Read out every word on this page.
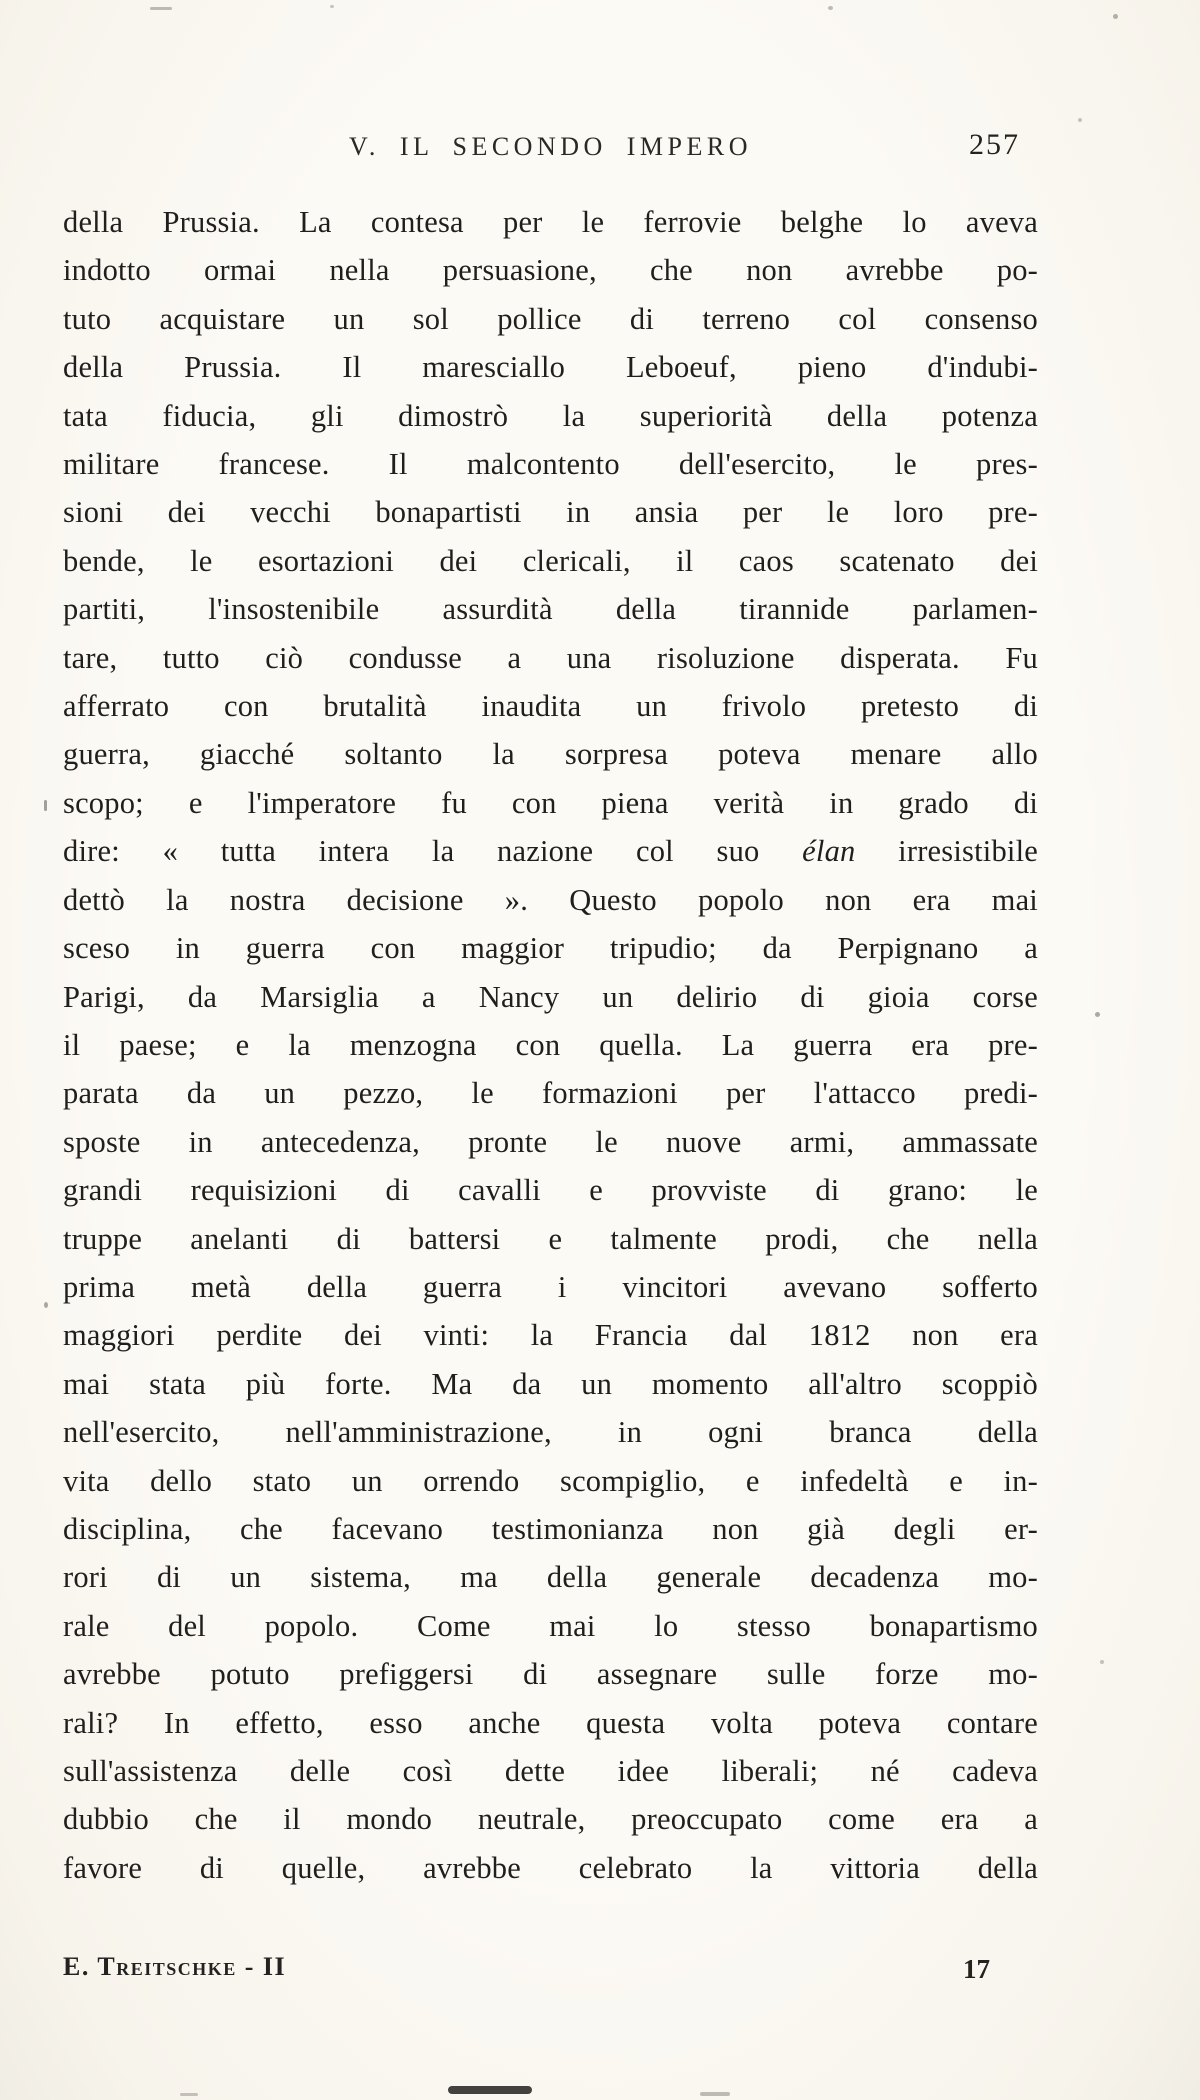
V. IL SECONDO IMPERO	257
della Prussia. La contesa per le ferrovie belghe lo aveva
indotto ormai nella persuasione, che non avrebbe po-
tuto acquistare un sol pollice di terreno col consenso
della Prussia. Il maresciallo Leboeuf, pieno d'indubi-
tata fiducia, gli dimostrò la superiorità della potenza
militare francese. Il malcontento dell'esercito, le pres-
sioni dei vecchi bonapartisti in ansia per le loro pre-
bende, le esortazioni dei clericali, il caos scatenato dei
partiti, l'insostenibile assurdità della tirannide parlamen-
tare, tutto ciò condusse a una risoluzione disperata. Fu
afferrato con brutalità inaudita un frivolo pretesto di
guerra, giacché soltanto la sorpresa poteva menare allo
scopo; e l'imperatore fu con piena verità in grado di
dire: « tutta intera la nazione col suo élan irresistibile
dettò la nostra decisione ». Questo popolo non era mai
sceso in guerra con maggior tripudio; da Perpignano a
Parigi, da Marsiglia a Nancy un delirio di gioia corse
il paese; e la menzogna con quella. La guerra era pre-
parata da un pezzo, le formazioni per l'attacco predi-
sposte in antecedenza, pronte le nuove armi, ammassate
grandi requisizioni di cavalli e provviste di grano: le
truppe anelanti di battersi e talmente prodi, che nella
prima metà della guerra i vincitori avevano sofferto
maggiori perdite dei vinti: la Francia dal 1812 non era
mai stata più forte. Ma da un momento all'altro scoppiò
nell'esercito, nell'amministrazione, in ogni branca della
vita dello stato un orrendo scompiglio, e infedeltà e in-
disciplina, che facevano testimonianza non già degli er-
rori di un sistema, ma della generale decadenza mo-
rale del popolo. Come mai lo stesso bonapartismo
avrebbe potuto prefiggersi di assegnare sulle forze mo-
rali? In effetto, esso anche questa volta poteva contare
sull'assistenza delle così dette idee liberali; né cadeva
dubbio che il mondo neutrale, preoccupato come era a
favore di quelle, avrebbe celebrato la vittoria della
E. Treitschke - II	17
